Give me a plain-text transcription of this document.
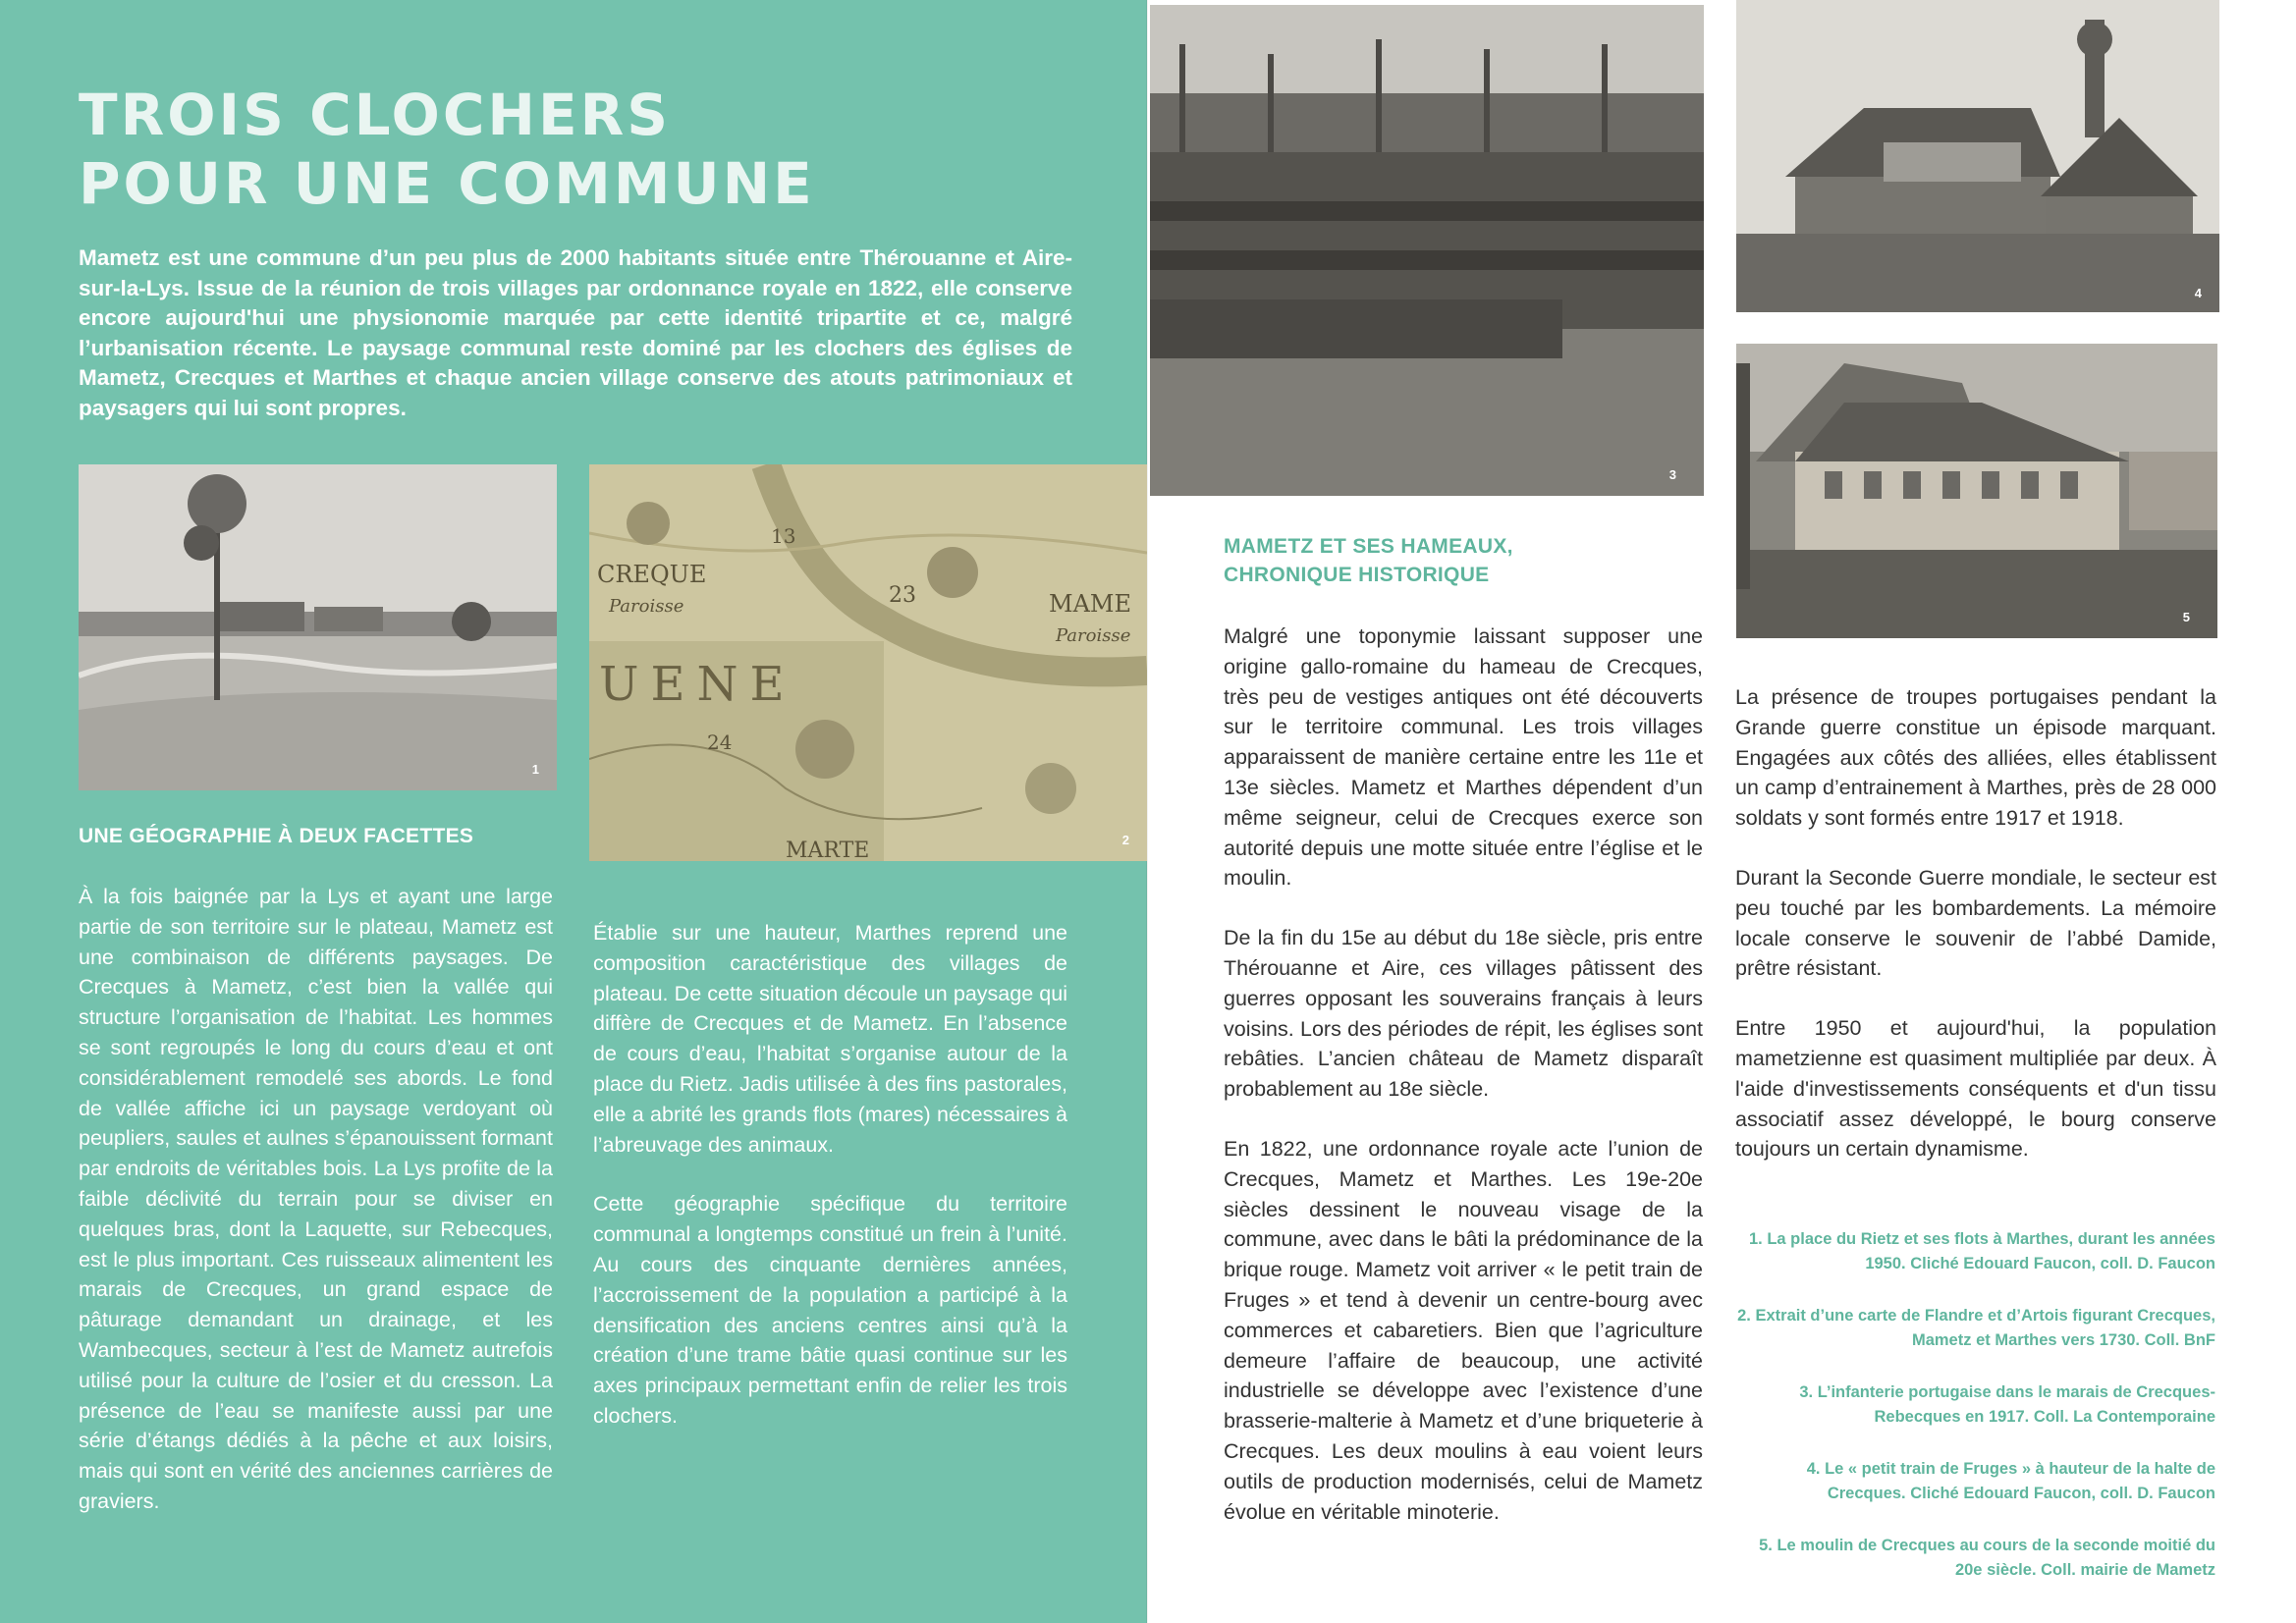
TROIS CLOCHERS
POUR UNE COMMUNE

Mametz est une commune d’un peu plus de 2000 habitants située entre Thérouanne et Aire-sur-la-Lys. Issue de la réunion de trois villages par ordonnance royale en 1822, elle conserve encore aujourd'hui une physionomie marquée par cette identité tripartite et ce, malgré l’urbanisation récente. Le paysage communal reste dominé par les clochers des églises de Mametz, Crecques et Marthes et chaque ancien village conserve des atouts patrimoniaux et paysagers qui lui sont propres.

1
CREQUE
Paroisse	MAME
Paroisse
UENE
MARTE
13
23
24
2
3
4
5
UNE GÉOGRAPHIE À DEUX FACETTES

À la fois baignée par la Lys et ayant une large partie de son territoire sur le plateau, Mametz est une combinaison de différents paysages. De Crecques à Mametz, c’est bien la vallée qui structure l’organisation de l’habitat. Les hommes se sont regroupés le long du cours d’eau et ont considérablement remodelé ses abords. Le fond de vallée affiche ici un paysage verdoyant où peupliers, saules et aulnes s’épanouissent formant par endroits de véritables bois. La Lys profite de la faible déclivité du terrain pour se diviser en quelques bras, dont la Laquette, sur Rebecques, est le plus important. Ces ruisseaux alimentent les marais de Crecques, un grand espace de pâturage demandant un drainage, et les Wambecques, secteur à l’est de Mametz autrefois utilisé pour la culture de l’osier et du cresson. La présence de l’eau se manifeste aussi par une série d’étangs dédiés à la pêche et aux loisirs, mais qui sont en vérité des anciennes carrières de graviers.

Établie sur une hauteur, Marthes reprend une composition caractéristique des villages de plateau. De cette situation découle un paysage qui diffère de Crecques et de Mametz. En l’absence de cours d’eau, l’habitat s’organise autour de la place du Rietz. Jadis utilisée à des fins pastorales, elle a abrité les grands flots (mares) nécessaires à l’abreuvage des animaux.

Cette géographie spécifique du territoire communal a longtemps constitué un frein à l’unité. Au cours des cinquante dernières années, l’accroissement de la population a participé à la densification des anciens centres ainsi qu’à la création d’une trame bâtie quasi continue sur les axes principaux permettant enfin de relier les trois clochers.

MAMETZ ET SES HAMEAUX,
CHRONIQUE HISTORIQUE

Malgré une toponymie laissant supposer une origine gallo-romaine du hameau de Crecques, très peu de vestiges antiques ont été découverts sur le territoire communal. Les trois villages apparaissent de manière certaine entre les 11e et 13e siècles. Mametz et Marthes dépendent d’un même seigneur, celui de Crecques exerce son autorité depuis une motte située entre l’église et le moulin.

De la fin du 15e au début du 18e siècle, pris entre Thérouanne et Aire, ces villages pâtissent des guerres opposant les souverains français à leurs voisins. Lors des périodes de répit, les églises sont rebâties. L’ancien château de Mametz disparaît probablement au 18e siècle.

En 1822, une ordonnance royale acte l’union de Crecques, Mametz et Marthes. Les 19e-20e siècles dessinent le nouveau visage de la commune, avec dans le bâti la prédominance de la brique rouge. Mametz voit arriver « le petit train de Fruges » et tend à devenir un centre-bourg avec commerces et cabaretiers. Bien que l’agriculture demeure l’affaire de beaucoup, une activité industrielle se développe avec l’existence d’une brasserie-malterie à Mametz et d’une briqueterie à Crecques. Les deux moulins à eau voient leurs outils de production modernisés, celui de Mametz évolue en véritable minoterie.

La présence de troupes portugaises pendant la Grande guerre constitue un épisode marquant. Engagées aux côtés des alliées, elles établissent un camp d’entrainement à Marthes, près de 28 000 soldats y sont formés entre 1917 et 1918.

Durant la Seconde Guerre mondiale, le secteur est peu touché par les bombardements. La mémoire locale conserve le souvenir de l’abbé Damide, prêtre résistant.

Entre 1950 et aujourd'hui, la population mametzienne est quasiment multipliée par deux. À l'aide d'investissements conséquents et d'un tissu associatif assez développé, le bourg conserve toujours un certain dynamisme.

1. La place du Rietz et ses flots à Marthes, durant les années 1950. Cliché Edouard Faucon, coll. D. Faucon

2. Extrait d’une carte de Flandre et d’Artois figurant Crecques, Mametz et Marthes vers 1730. Coll. BnF

3. L’infanterie portugaise dans le marais de Crecques-Rebecques en 1917. Coll. La Contemporaine

4. Le « petit train de Fruges » à hauteur de la halte de Crecques. Cliché Edouard Faucon, coll. D. Faucon

5. Le moulin de Crecques au cours de la seconde moitié du 20e siècle. Coll. mairie de Mametz
